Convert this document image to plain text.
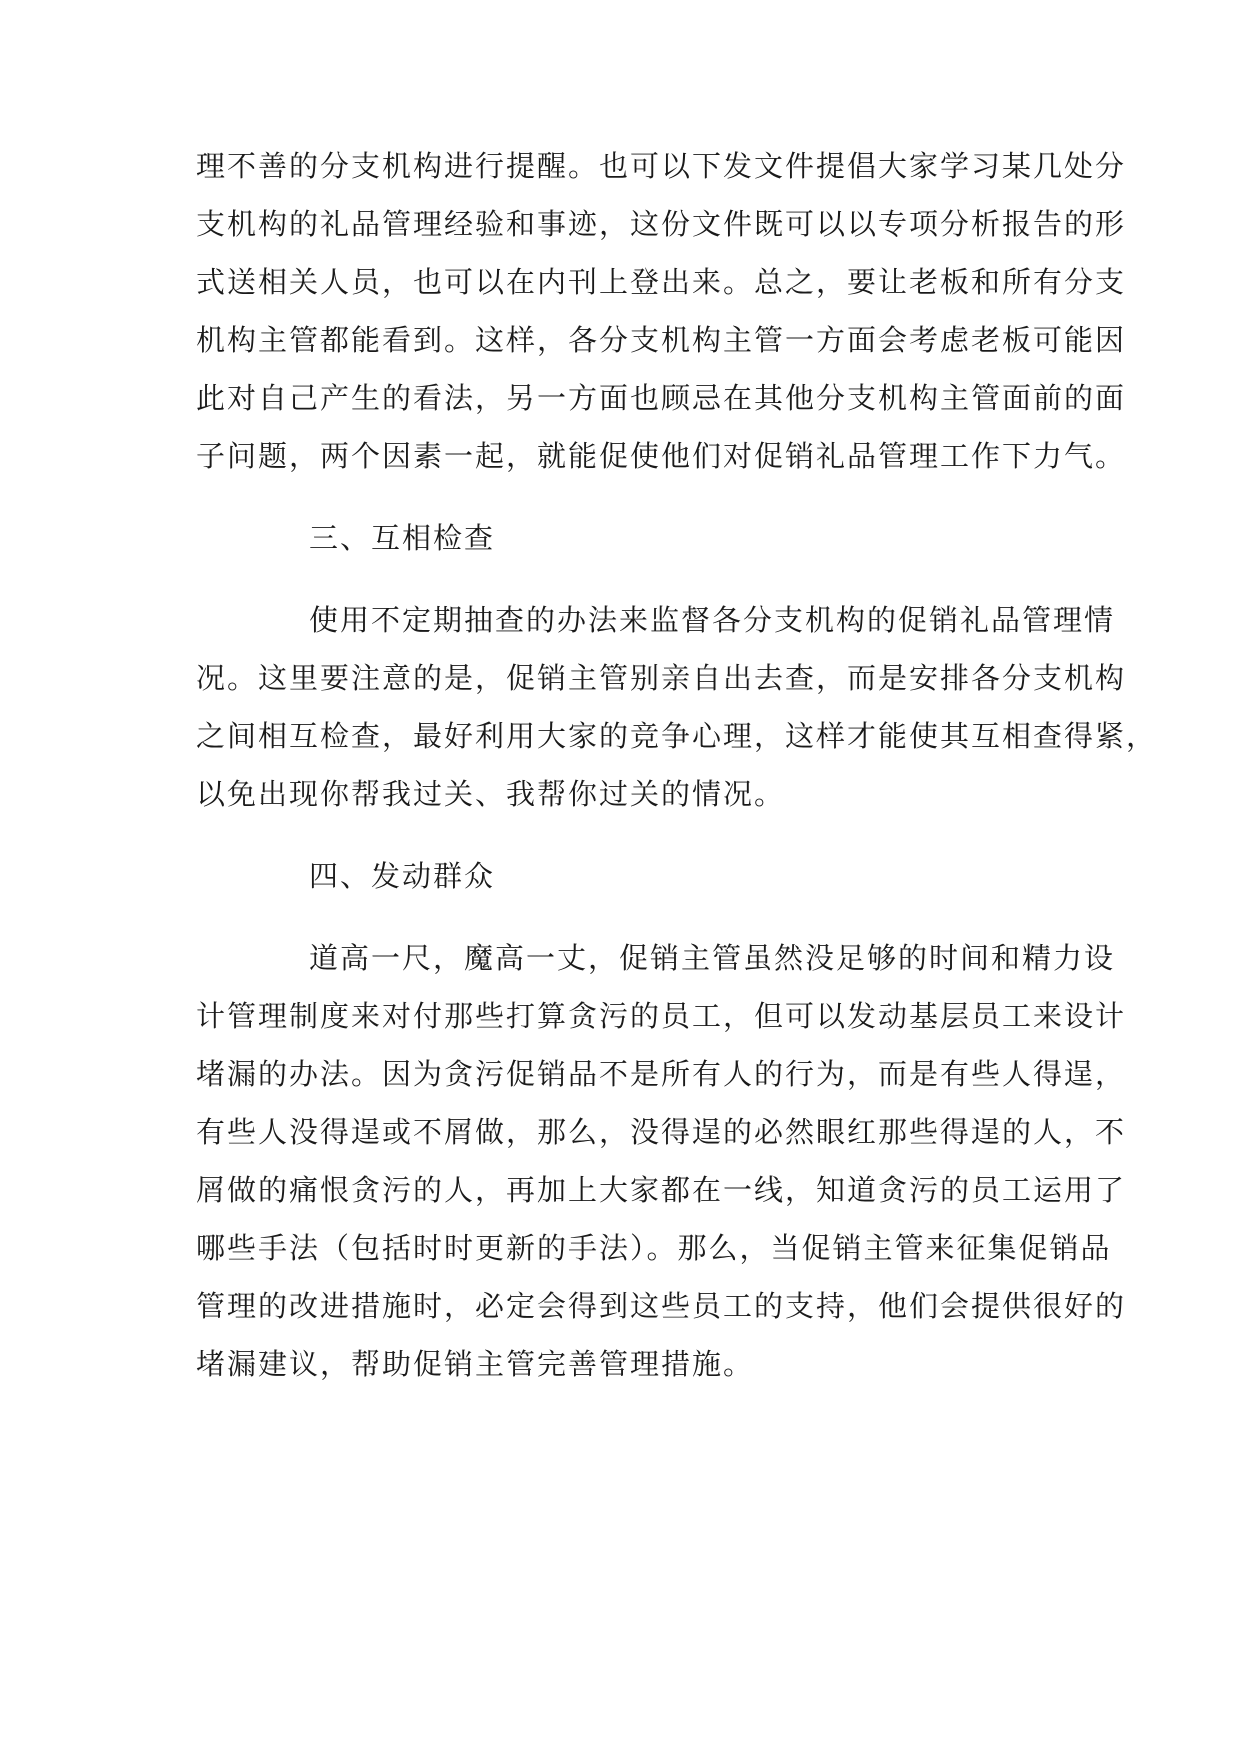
理不善的分支机构进行提醒。也可以下发文件提倡大家学习某几处分
支机构的礼品管理经验和事迹，这份文件既可以以专项分析报告的形
式送相关人员，也可以在内刊上登出来。总之，要让老板和所有分支
机构主管都能看到。这样，各分支机构主管一方面会考虑老板可能因
此对自己产生的看法，另一方面也顾忌在其他分支机构主管面前的面
子问题，两个因素一起，就能促使他们对促销礼品管理工作下力气。
三、互相检查
使用不定期抽查的办法来监督各分支机构的促销礼品管理情
况。这里要注意的是，促销主管别亲自出去查，而是安排各分支机构
之间相互检查，最好利用大家的竞争心理，这样才能使其互相查得紧，
以免出现你帮我过关、我帮你过关的情况。
四、发动群众
道高一尺，魔高一丈，促销主管虽然没足够的时间和精力设
计管理制度来对付那些打算贪污的员工，但可以发动基层员工来设计
堵漏的办法。因为贪污促销品不是所有人的行为，而是有些人得逞，
有些人没得逞或不屑做，那么，没得逞的必然眼红那些得逞的人，不
屑做的痛恨贪污的人，再加上大家都在一线，知道贪污的员工运用了
哪些手法（包括时时更新的手法）。那么，当促销主管来征集促销品
管理的改进措施时，必定会得到这些员工的支持，他们会提供很好的
堵漏建议，帮助促销主管完善管理措施。
